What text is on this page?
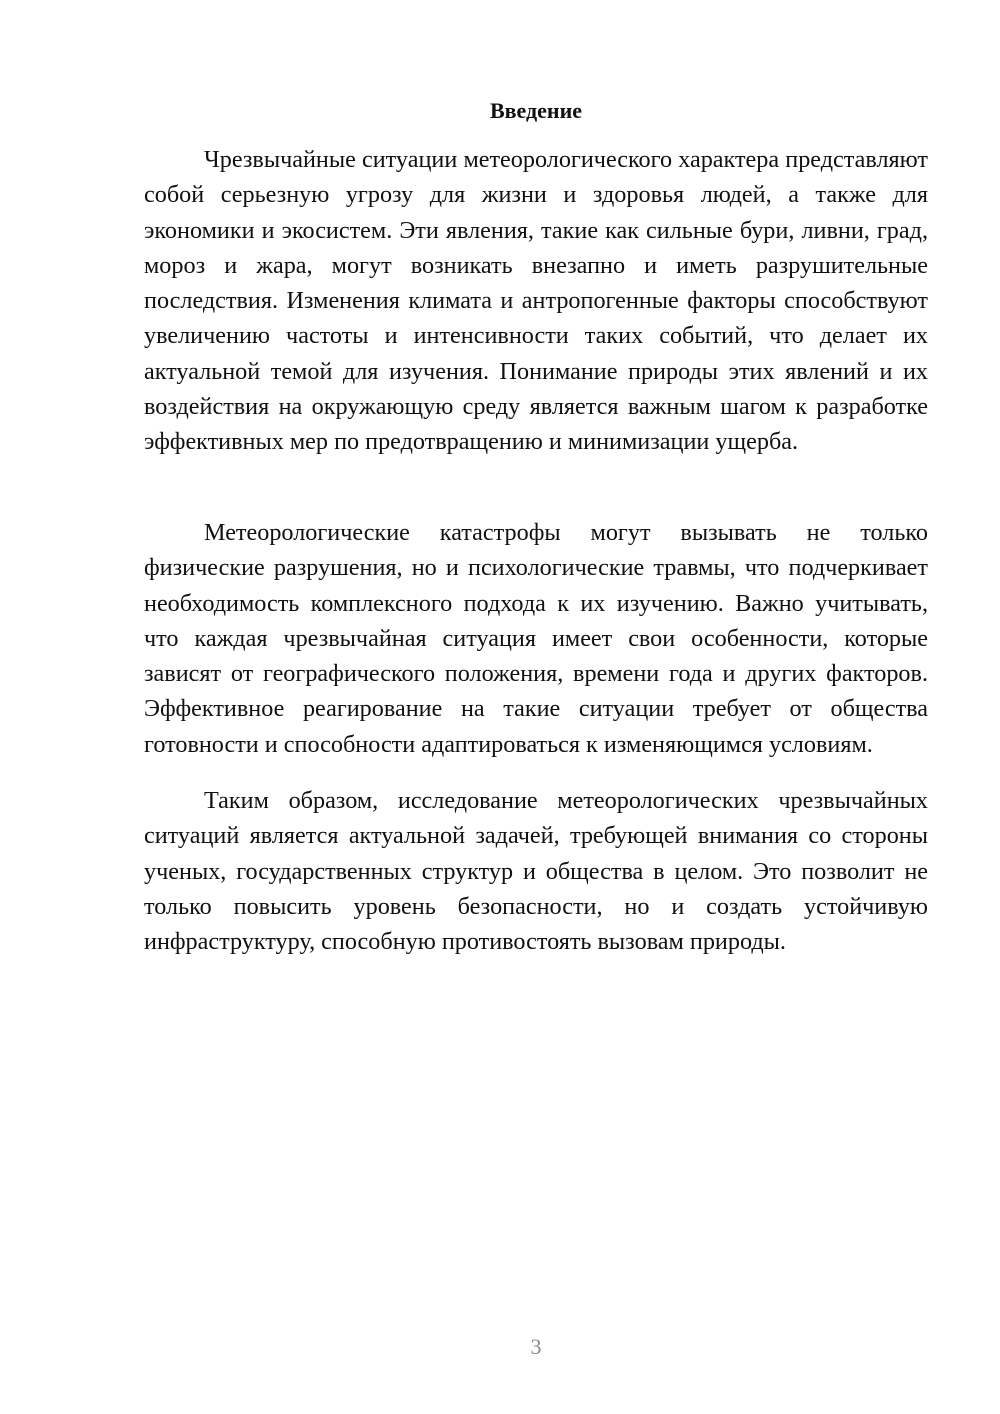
Введение

Чрезвычайные ситуации метеорологического характера представляют собой серьезную угрозу для жизни и здоровья людей, а также для экономики и экосистем. Эти явления, такие как сильные бури, ливни, град, мороз и жара, могут возникать внезапно и иметь разрушительные последствия. Изменения климата и антропогенные факторы способствуют увеличению частоты и интенсивности таких событий, что делает их актуальной темой для изучения. Понимание природы этих явлений и их воздействия на окружающую среду является важным шагом к разработке эффективных мер по предотвращению и минимизации ущерба.

Метеорологические катастрофы могут вызывать не только физические разрушения, но и психологические травмы, что подчеркивает необходимость комплексного подхода к их изучению. Важно учитывать, что каждая чрезвычайная ситуация имеет свои особенности, которые зависят от географического положения, времени года и других факторов. Эффективное реагирование на такие ситуации требует от общества готовности и способности адаптироваться к изменяющимся условиям.

Таким образом, исследование метеорологических чрезвычайных ситуаций является актуальной задачей, требующей внимания со стороны ученых, государственных структур и общества в целом. Это позволит не только повысить уровень безопасности, но и создать устойчивую инфраструктуру, способную противостоять вызовам природы.

3
